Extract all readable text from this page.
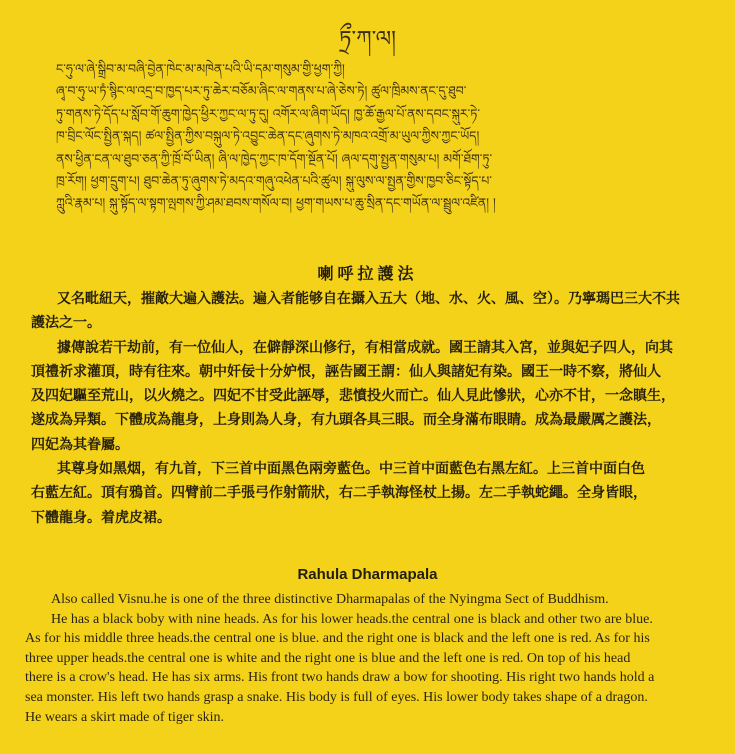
ཏྲྀ་ཀ་ལ།
ང་ཧུ་ལ་ཞེ་སྒྲིབ་མ་བཞི་བྱེན་ཁེང་མ་མཁེན་པའི་ཡི་དམ་གསུམ་གྱི་ཕྱག་ཀྱི།
ཞྭ་བ་ཧུ་ཡ་ཏཾ་སྙིང་ལ་འདྲ་བ་ཁྱད་པར་ཏུ་ཆེར་བཅོམ་ཞིང་ལ་གནས་པ་ཞེ་ཅེས་ཏེ། ཚུལ་ཁྲིམས་ནང་དུ་ཐུབ་
ཏུ་གནས་ཏེ་དོད་པ་སློབ་གོ་ཆུག་ཁྱེད་ཕྱིར་ཀྱང་ལ་ཏུ་དུ། འགོར་ལ་ཞིག་ཡོད། ཁྱ་ཆོ་རྒྱལ་པོ་ནས་དབང་སྐུར་ཏེ་
ཁ་བྲིང་ལོང་སྤྱིན་སྐད། ཚལ་སྤྱིན་ཀྱིས་བསྐུལ་ཏེ་འབྱུང་ཆེན་དང་ཞུགས་ཏེ་མཁའ་འགྲོ་མ་ཡུལ་ཀྱིས་ཀྱང་ཡོད།
ནས་ཕྱིན་ངན་ལ་ཐུབ་ཅན་ཀྱི་ཁྲོ་བོ་ཡིན། ཞི་ལ་ཁྱེད་ཀྱང་ཁ་དོག་སྔོན་པོ། ཞལ་དགུ་སྤྱན་གསུམ་པ། མགོ་ཐོག་ཏུ་
ཁྲ་རོག། ཕྱག་དྲུག་པ། ཐུབ་ཆེན་ཏུ་ཞུགས་ཏེ་མདའ་གཞུ་འཕེན་པའི་ཚུལ། སྐུ་ལུས་ལ་སྤྱན་གྱིས་ཁྱབ་ཅིང་སྟོད་པ་
ཀླུའི་རྣམ་པ། སྐུ་སྟོད་ལ་སྟག་ལྤགས་ཀྱི་ཤམ་ཐབས་གསོལ་བ། ཕྱག་གཡས་པ་ཆུ་སྲིན་དང་གཡོན་ལ་སྦྲུལ་འཛིན། །
喇呼拉護法
又名毗紐天，摧敵大遍入護法。遍入者能够自在攝入五大（地、水、火、風、空）。乃寧瑪巴三大不共
護法之一。
據傳說若干劫前，有一位仙人，在僻靜深山修行，有相當成就。國王請其入宮，並與妃子四人，向其
頂禮祈求灌頂，時有往來。朝中奸佞十分妒恨，誣告國王謂：仙人與諸妃有染。國王一時不察，將仙人
及四妃驅至荒山，以火燒之。四妃不甘受此誣辱，悲憤投火而亡。仙人見此慘狀，心亦不甘，一念瞋生，
遂成為异類。下體成為龍身，上身則為人身，有九頭各具三眼。而全身滿布眼睛。成為最嚴厲之護法，
四妃為其眷屬。
其尊身如黑烟，有九首，下三首中面黑色兩旁藍色。中三首中面藍色右黑左紅。上三首中面白色
右藍左紅。頂有鴉首。四臂前二手張弓作射箭狀，右二手執海怪杖上揚。左二手執蛇繩。全身皆眼，
下體龍身。着虎皮裙。
Rahula Dharmapala
Also called Visnu.he is one of the three distinctive Dharmapalas of the Nyingma Sect of Buddhism.
He has a black boby with nine heads. As for his lower heads.the central one is black and other two are blue.
As for his middle three heads.the central one is blue. and the right one is black and the left one is red. As for his
three upper heads.the central one is white and the right one is blue and the left one is red. On top of his head
there is a crow's head. He has six arms. His front two hands draw a bow for shooting. His right two hands hold a
sea monster. His left two hands grasp a snake. His body is full of eyes. His lower body takes shape of a dragon.
He wears a skirt made of tiger skin.
